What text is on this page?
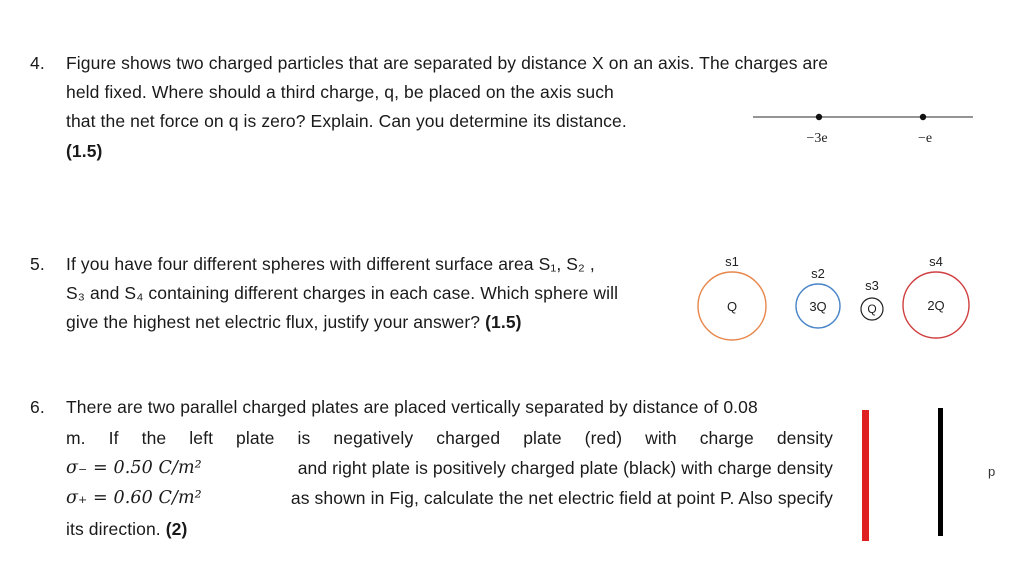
4. Figure shows two charged particles that are separated by distance X on an axis. The charges are
held fixed. Where should a third charge, q, be placed on the axis such
that the net force on q is zero? Explain. Can you determine its distance.
(1.5)
−3e	−e
5. If you have four different spheres with different surface area S₁, S₂ ,
S₃ and S₄ containing different charges in each case. Which sphere will
give the highest net electric flux, justify your answer? (1.5)
s1
Q
s2
3Q
s3
Q
s4
2Q
6. There are two parallel charged plates are placed vertically separated by distance of 0.08
m. If the left plate is negatively charged plate (red) with charge density
σ₋ = 0.50 C/m²	and right plate is positively charged plate (black) with charge density
σ₊ = 0.60 C/m²	as shown in Fig, calculate the net electric field at point P. Also specify
its direction. (2)
p
